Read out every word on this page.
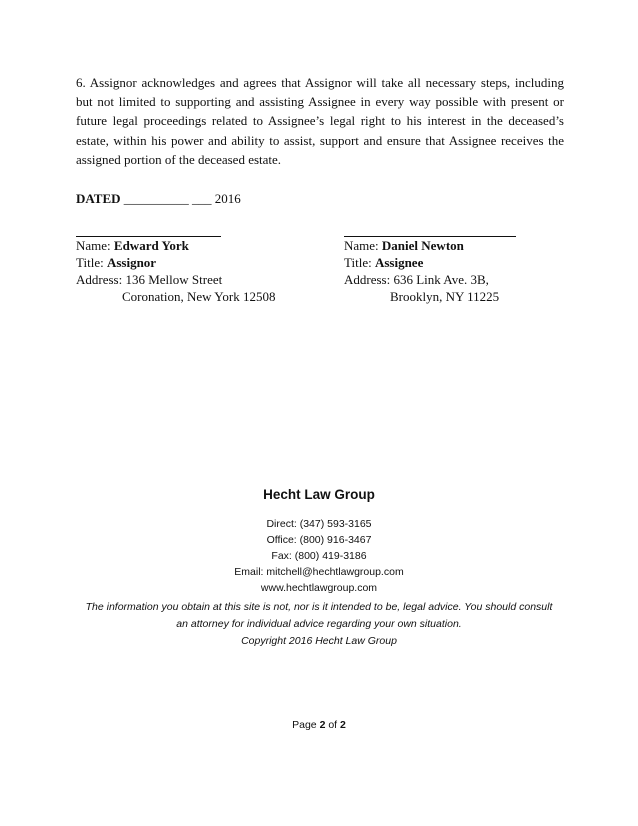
6. Assignor acknowledges and agrees that Assignor will take all necessary steps, including but not limited to supporting and assisting Assignee in every way possible with present or future legal proceedings related to Assignee’s legal right to his interest in the deceased’s estate, within his power and ability to assist, support and ensure that Assignee receives the assigned portion of the deceased estate.
DATED __________ ___ 2016
Name: Edward York
Title: Assignor
Address: 136 Mellow Street
Coronation, New York 12508
Name: Daniel Newton
Title: Assignee
Address: 636 Link Ave. 3B,
Brooklyn, NY 11225
Hecht Law Group
Direct: (347) 593-3165
Office: (800) 916-3467
Fax: (800) 419-3186
Email: mitchell@hechtlawgroup.com
www.hechtlawgroup.com
The information you obtain at this site is not, nor is it intended to be, legal advice. You should consult
an attorney for individual advice regarding your own situation.
Copyright 2016 Hecht Law Group
Page 2 of 2
